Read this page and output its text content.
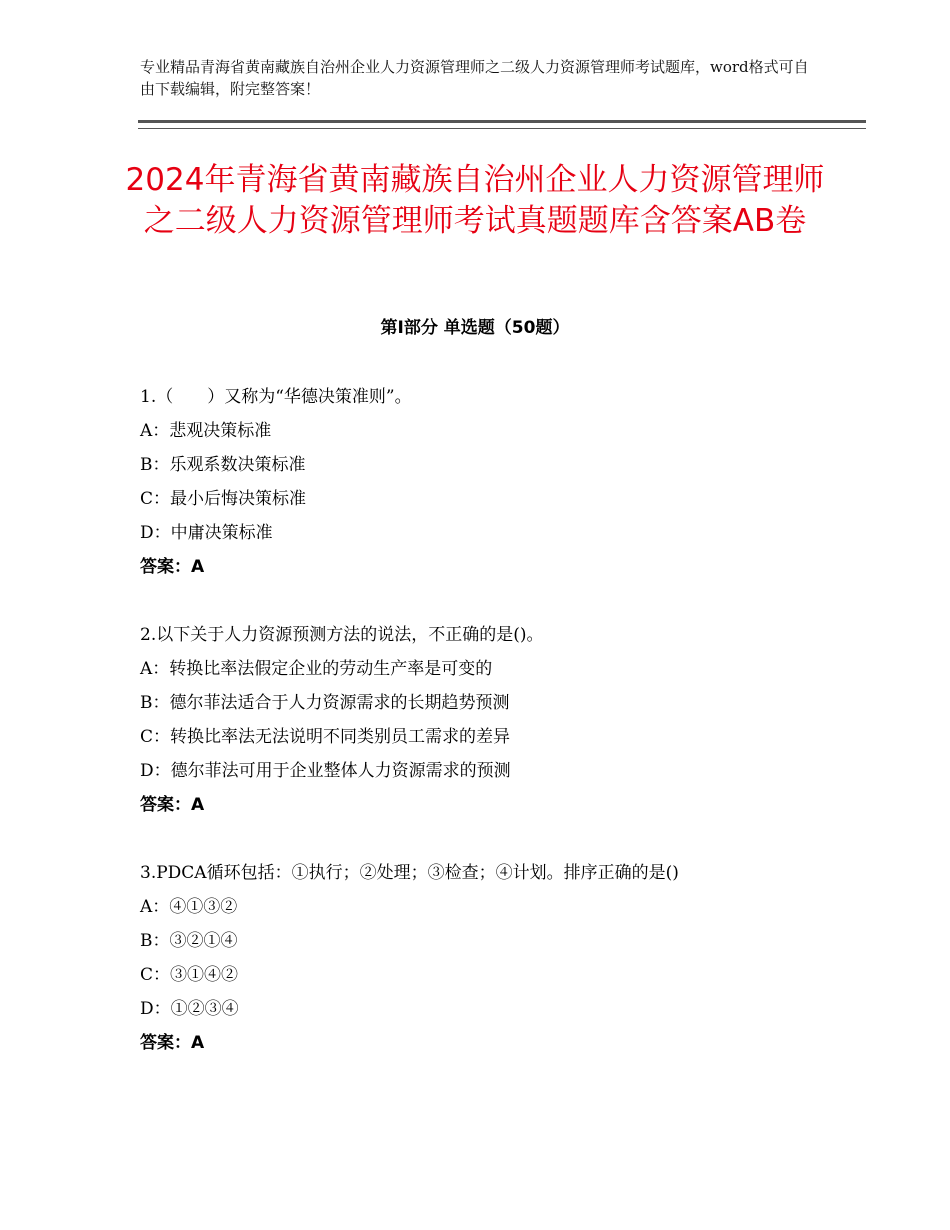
专业精品青海省黄南藏族自治州企业人力资源管理师之二级人力资源管理师考试题库，word格式可自由下载编辑，附完整答案！
2024年青海省黄南藏族自治州企业人力资源管理师之二级人力资源管理师考试真题题库含答案AB卷
第Ⅰ部分 单选题（50题）
1.（　　）又称为“华德决策准则”。
A：悲观决策标准
B：乐观系数决策标准
C：最小后悔决策标准
D：中庸决策标准
答案：A
2.以下关于人力资源预测方法的说法，不正确的是()。
A：转换比率法假定企业的劳动生产率是可变的
B：德尔菲法适合于人力资源需求的长期趋势预测
C：转换比率法无法说明不同类别员工需求的差异
D：德尔菲法可用于企业整体人力资源需求的预测
答案：A
3.PDCA循环包括：①执行；②处理；③检查；④计划。排序正确的是()
A：④①③②
B：③②①④
C：③①④②
D：①②③④
答案：A
